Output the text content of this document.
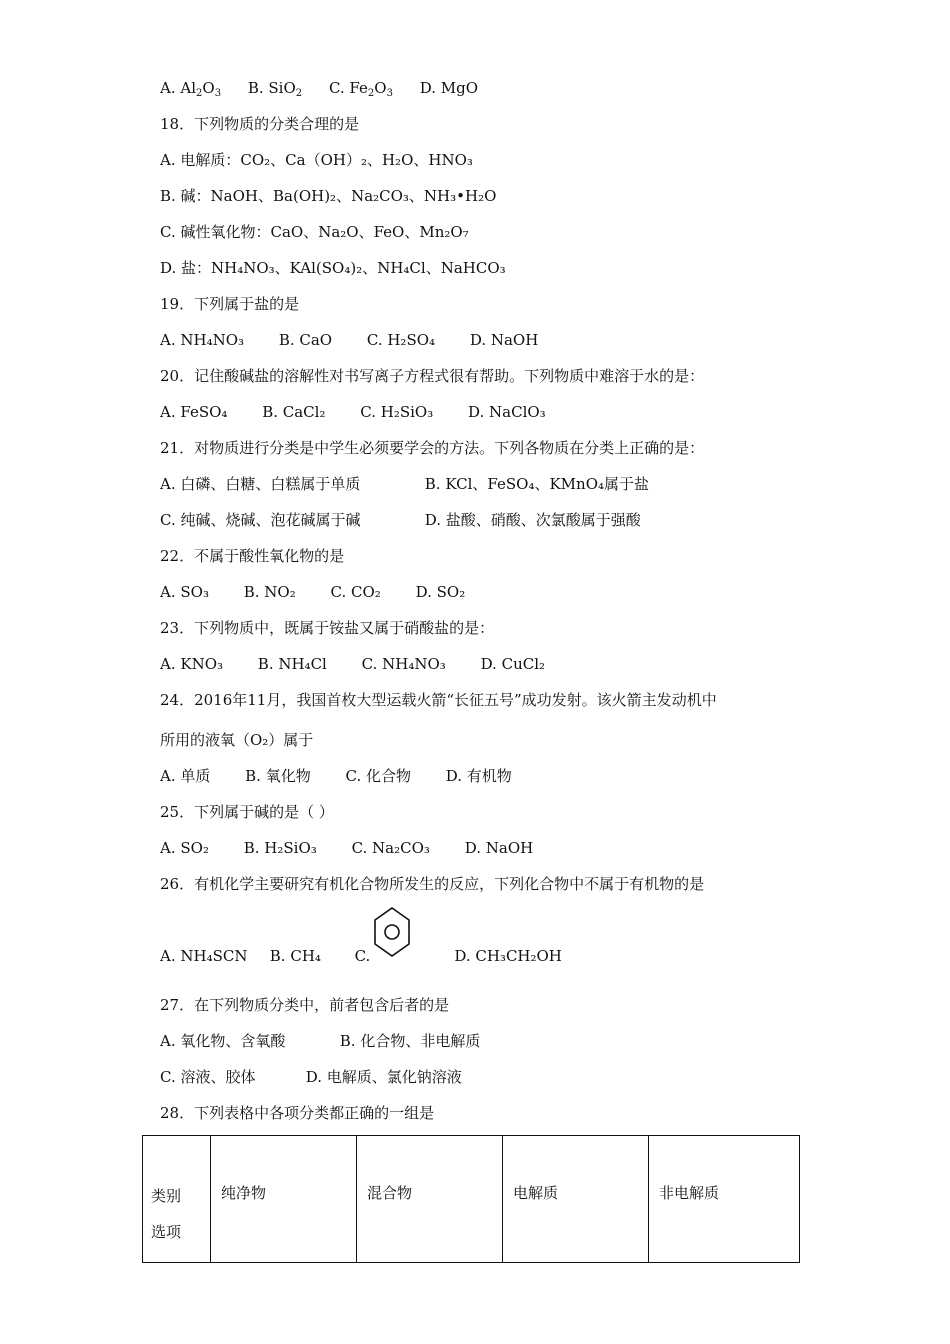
A. $Al_2O_3$ B. SiO$_2$ C. $Fe_2O_3$ D. MgO
18．下列物质的分类合理的是
A. 电解质：CO₂、Ca（OH）₂、H₂O、HNO₃
B. 碱：NaOH、Ba(OH)₂、Na₂CO₃、NH₃•H₂O
C. 碱性氧化物：CaO、Na₂O、FeO、Mn₂O₇
D. 盐：NH₄NO₃、KAl(SO₄)₂、NH₄Cl、NaHCO₃
19．下列属于盐的是
A. NH₄NO₃ B. CaO C. H₂SO₄ D. NaOH
20．记住酸碱盐的溶解性对书写离子方程式很有帮助。下列物质中难溶于水的是：
A. FeSO₄ B. CaCl₂ C. H₂SiO₃ D. NaClO₃
21．对物质进行分类是中学生必须要学会的方法。下列各物质在分类上正确的是：
A. 白磷、白糖、白糕属于单质	B. KCl、FeSO₄、KMnO₄属于盐
C. 纯碱、烧碱、泡花碱属于碱	D. 盐酸、硝酸、次氯酸属于强酸
22．不属于酸性氧化物的是
A. SO₃ B. NO₂ C. CO₂ D. SO₂
23．下列物质中，既属于铵盐又属于硝酸盐的是：
A. KNO₃ B. NH₄Cl C. NH₄NO₃ D. CuCl₂
24．2016年11月，我国首枚大型运载火箭“长征五号”成功发射。该火箭主发动机中
所用的液氧（O₂）属于
A. 单质 B. 氧化物 C. 化合物 D. 有机物
25．下列属于碱的是（ ）
A. SO₂ B. H₂SiO₃ C. Na₂CO₃ D. NaOH
26．有机化学主要研究有机化合物所发生的反应，下列化合物中不属于有机物的是
A. NH₄SCN B. CH₄ C.	D. CH₃CH₂OH
27．在下列物质分类中，前者包含后者的是
A. 氧化物、含氧酸	B. 化合物、非电解质
C. 溶液、胶体	D. 电解质、氯化钠溶液
28．下列表格中各项分类都正确的一组是
类别
选项

纯净物	混合物	电解质	非电解质
